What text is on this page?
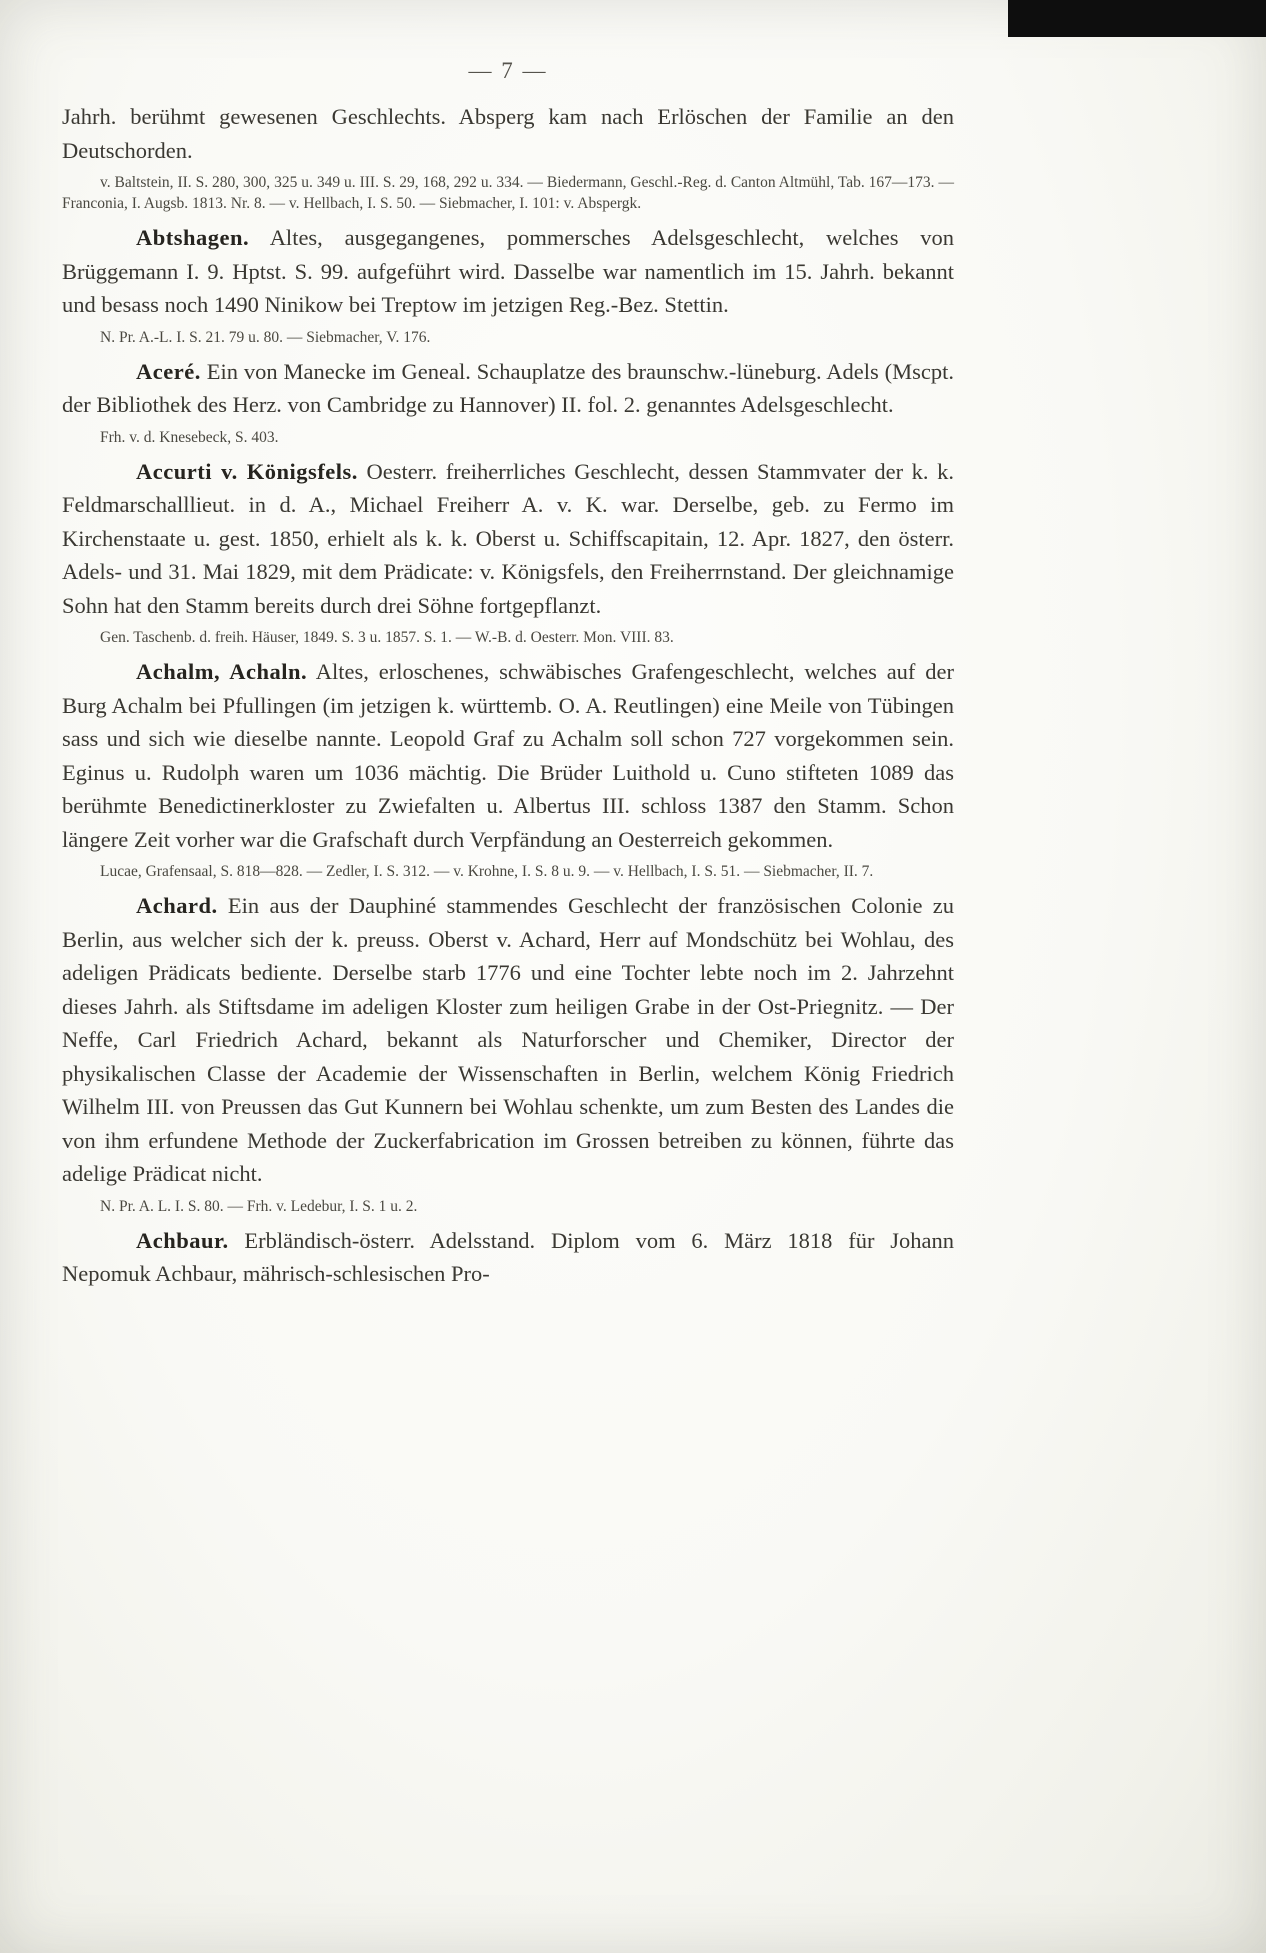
— 7 —

Jahrh. berühmt gewesenen Geschlechts. Absperg kam nach Erlöschen der Familie an den Deutschorden.

v. Baltstein, II. S. 280, 300, 325 u. 349 u. III. S. 29, 168, 292 u. 334. — Biedermann, Geschl.-Reg. d. Canton Altmühl, Tab. 167—173. — Franconia, I. Augsb. 1813. Nr. 8. — v. Hellbach, I. S. 50. — Siebmacher, I. 101: v. Abspergk.

Abtshagen. Altes, ausgegangenes, pommersches Adelsgeschlecht, welches von Brüggemann I. 9. Hptst. S. 99. aufgeführt wird. Dasselbe war namentlich im 15. Jahrh. bekannt und besass noch 1490 Ninikow bei Treptow im jetzigen Reg.-Bez. Stettin.

N. Pr. A.-L. I. S. 21. 79 u. 80. — Siebmacher, V. 176.

Aceré. Ein von Manecke im Geneal. Schauplatze des braunschw.-lüneburg. Adels (Mscpt. der Bibliothek des Herz. von Cambridge zu Hannover) II. fol. 2. genanntes Adelsgeschlecht.

Frh. v. d. Knesebeck, S. 403.

Accurti v. Königsfels. Oesterr. freiherrliches Geschlecht, dessen Stammvater der k. k. Feldmarschalllieut. in d. A., Michael Freiherr A. v. K. war. Derselbe, geb. zu Fermo im Kirchenstaate u. gest. 1850, erhielt als k. k. Oberst u. Schiffscapitain, 12. Apr. 1827, den österr. Adels- und 31. Mai 1829, mit dem Prädicate: v. Königsfels, den Freiherrnstand. Der gleichnamige Sohn hat den Stamm bereits durch drei Söhne fortgepflanzt.

Gen. Taschenb. d. freih. Häuser, 1849. S. 3 u. 1857. S. 1. — W.-B. d. Oesterr. Mon. VIII. 83.

Achalm, Achaln. Altes, erloschenes, schwäbisches Grafengeschlecht, welches auf der Burg Achalm bei Pfullingen (im jetzigen k. württemb. O. A. Reutlingen) eine Meile von Tübingen sass und sich wie dieselbe nannte. Leopold Graf zu Achalm soll schon 727 vorgekommen sein. Eginus u. Rudolph waren um 1036 mächtig. Die Brüder Luithold u. Cuno stifteten 1089 das berühmte Benedictinerkloster zu Zwiefalten u. Albertus III. schloss 1387 den Stamm. Schon längere Zeit vorher war die Grafschaft durch Verpfändung an Oesterreich gekommen.

Lucae, Grafensaal, S. 818—828. — Zedler, I. S. 312. — v. Krohne, I. S. 8 u. 9. — v. Hellbach, I. S. 51. — Siebmacher, II. 7.

Achard. Ein aus der Dauphiné stammendes Geschlecht der französischen Colonie zu Berlin, aus welcher sich der k. preuss. Oberst v. Achard, Herr auf Mondschütz bei Wohlau, des adeligen Prädicats bediente. Derselbe starb 1776 und eine Tochter lebte noch im 2. Jahrzehnt dieses Jahrh. als Stiftsdame im adeligen Kloster zum heiligen Grabe in der Ost-Priegnitz. — Der Neffe, Carl Friedrich Achard, bekannt als Naturforscher und Chemiker, Director der physikalischen Classe der Academie der Wissenschaften in Berlin, welchem König Friedrich Wilhelm III. von Preussen das Gut Kunnern bei Wohlau schenkte, um zum Besten des Landes die von ihm erfundene Methode der Zuckerfabrication im Grossen betreiben zu können, führte das adelige Prädicat nicht.

N. Pr. A. L. I. S. 80. — Frh. v. Ledebur, I. S. 1 u. 2.

Achbaur. Erbländisch-österr. Adelsstand. Diplom vom 6. März 1818 für Johann Nepomuk Achbaur, mährisch-schlesischen Pro-
